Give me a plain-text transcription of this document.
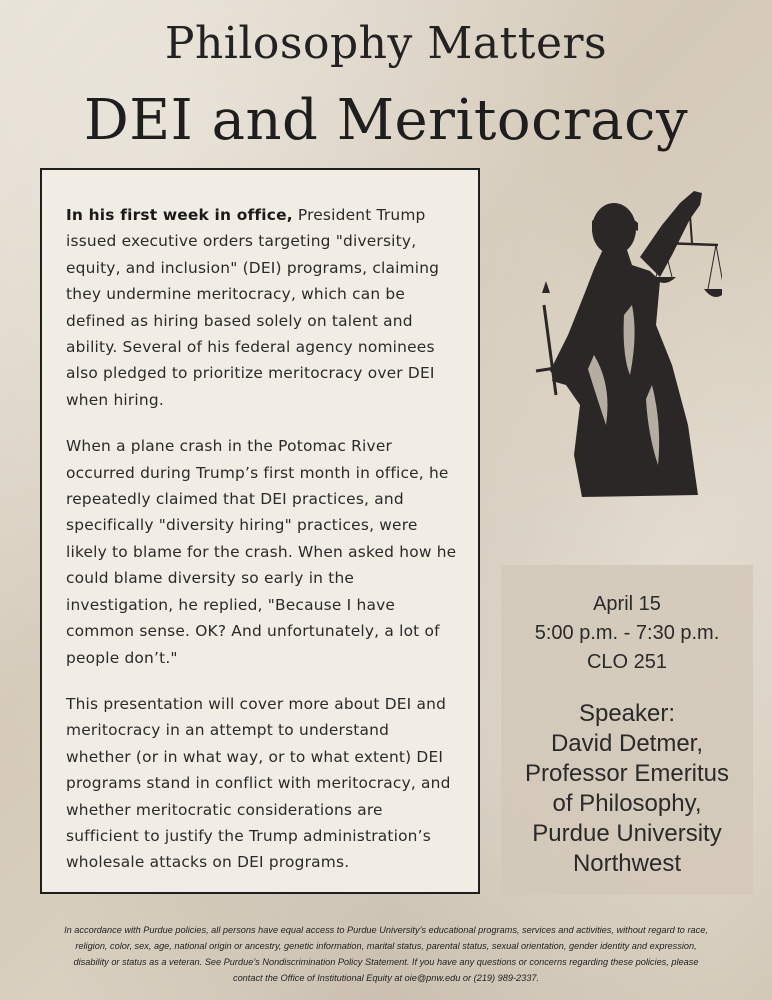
Philosophy Matters
DEI and Meritocracy

In his first week in office, President Trump issued executive orders targeting "diversity, equity, and inclusion" (DEI) programs, claiming they undermine meritocracy, which can be defined as hiring based solely on talent and ability. Several of his federal agency nominees also pledged to prioritize meritocracy over DEI when hiring.

When a plane crash in the Potomac River occurred during Trump’s first month in office, he repeatedly claimed that DEI practices, and specifically "diversity hiring" practices, were likely to blame for the crash. When asked how he could blame diversity so early in the investigation, he replied, "Because I have common sense. OK? And unfortunately, a lot of people don’t."

This presentation will cover more about DEI and meritocracy in an attempt to understand whether (or in what way, or to what extent) DEI programs stand in conflict with meritocracy, and whether meritocratic considerations are sufficient to justify the Trump administration’s wholesale attacks on DEI programs.

April 15
5:00 p.m. - 7:30 p.m.
CLO 251
Speaker:
David Detmer,
Professor Emeritus
of Philosophy,
Purdue University
Northwest
In accordance with Purdue policies, all persons have equal access to Purdue University’s educational programs, services and activities, without regard to race,
religion, color, sex, age, national origin or ancestry, genetic information, marital status, parental status, sexual orientation, gender identity and expression,
disability or status as a veteran. See Purdue’s Nondiscrimination Policy Statement. If you have any questions or concerns regarding these policies, please
contact the Office of Institutional Equity at oie@pnw.edu or (219) 989-2337.
